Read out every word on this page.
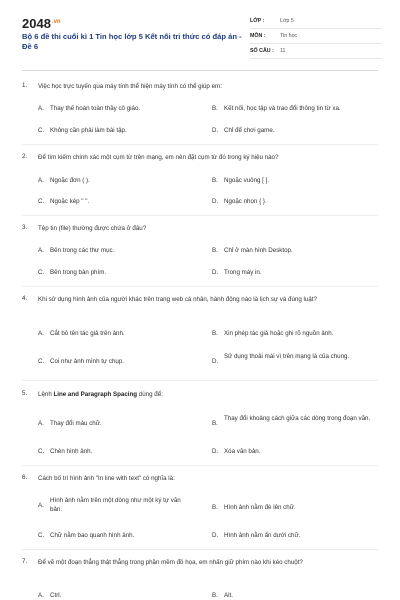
$2048^{.vn}$
Bộ 6 đề thi cuối kì 1 Tin học lớp 5 Kết nối tri thức có đáp án - Đề 6
LỚP :	Lớp 5
MÔN :	Tin học
SỐ CÂU : 11
1. Việc học trực tuyến qua máy tính thể hiện máy tính có thể giúp em:
A. Thay thế hoàn toàn thầy cô giáo.	B. Kết nối, học tập và trao đổi thông tin từ xa.
C. Không cần phải làm bài tập.	D. Chỉ để chơi game.
2. Để tìm kiếm chính xác một cụm từ trên mạng, em nên đặt cụm từ đó trong ký hiệu nào?
A. Ngoặc đơn ( ).	B. Ngoặc vuông [ ].
C. Ngoặc kép " ".	D. Ngoặc nhọn { }.
3. Tệp tin (file) thường được chứa ở đâu?
A. Bên trong các thư mục.	B. Chỉ ở màn hình Desktop.
C. Bên trong bàn phím.	D. Trong máy in.
4. Khi sử dụng hình ảnh của người khác trên trang web cá nhân, hành động nào là lịch sự và đúng luật?
A. Cắt bỏ tên tác giả trên ảnh.	B. Xin phép tác giả hoặc ghi rõ nguồn ảnh.
C. Coi như ảnh mình tự chụp.	D.
Sử dụng thoải mái vì trên mạng là của chung.
5. Lệnh Line and Paragraph Spacing dùng để:
A. Thay đổi màu chữ.	B.
Thay đổi khoảng cách giữa các dòng trong đoạn văn.
C. Chèn hình ảnh.	D. Xóa văn bản.
6. Cách bố trí hình ảnh "In line with text" có nghĩa là:
A.
Hình ảnh nằm trên một dòng như một ký tự văn bản.	B. Hình ảnh nằm đè lên chữ.
C. Chữ nằm bao quanh hình ảnh.	D. Hình ảnh nằm ẩn dưới chữ.
7. Để vẽ một đoạn thẳng thật thẳng trong phần mềm đồ họa, em nhấn giữ phím nào khi kéo chuột?
A. Ctrl.	B. Alt.
